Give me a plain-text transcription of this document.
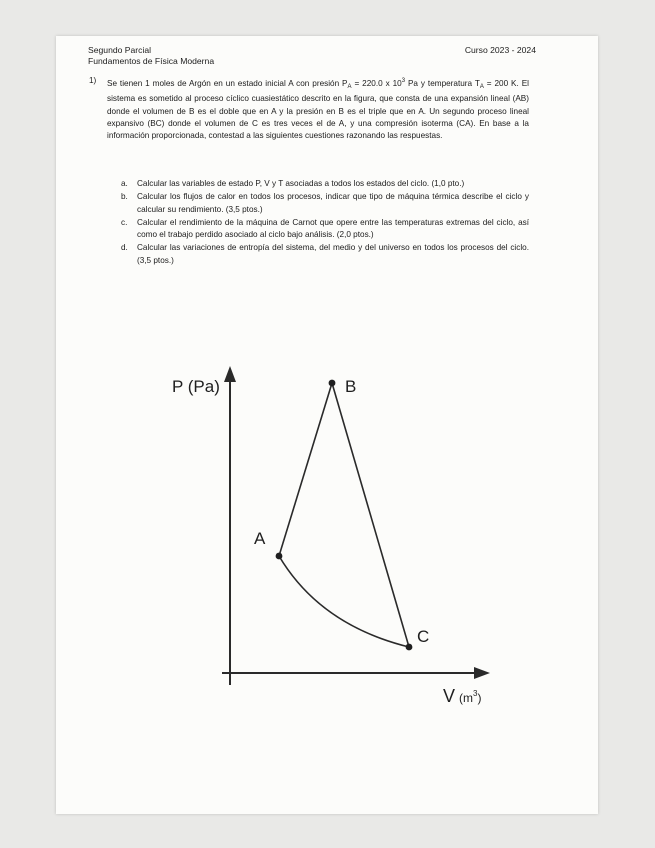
Segundo Parcial	Curso 2023 - 2024
Fundamentos de Física Moderna
1) Se tienen 1 moles de Argón en un estado inicial A con presión $P_A = 220.0$ x $10^3$ Pa y temperatura $T_A = 200$ K. El sistema es sometido al proceso cíclico cuasiestático descrito en la figura, que consta de una expansión lineal (AB) donde el volumen de B es el doble que en A y la presión en B es el triple que en A. Un segundo proceso lineal expansivo (BC) donde el volumen de C es tres veces el de A, y una compresión isoterma (CA). En base a la información proporcionada, contestad a las siguientes cuestiones razonando las respuestas.
a. Calcular las variables de estado P, V y T asociadas a todos los estados del ciclo. (1,0 pto.)
b. Calcular los flujos de calor en todos los procesos, indicar que tipo de máquina térmica describe el ciclo y calcular su rendimiento. (3,5 ptos.)
c. Calcular el rendimiento de la máquina de Carnot que opere entre las temperaturas extremas del ciclo, así como el trabajo perdido asociado al ciclo bajo análisis. (2,0 ptos.)
d. Calcular las variaciones de entropía del sistema, del medio y del universo en todos los procesos del ciclo. (3,5 ptos.)
P (Pa)
A
B
C
V ($m^3_)$
